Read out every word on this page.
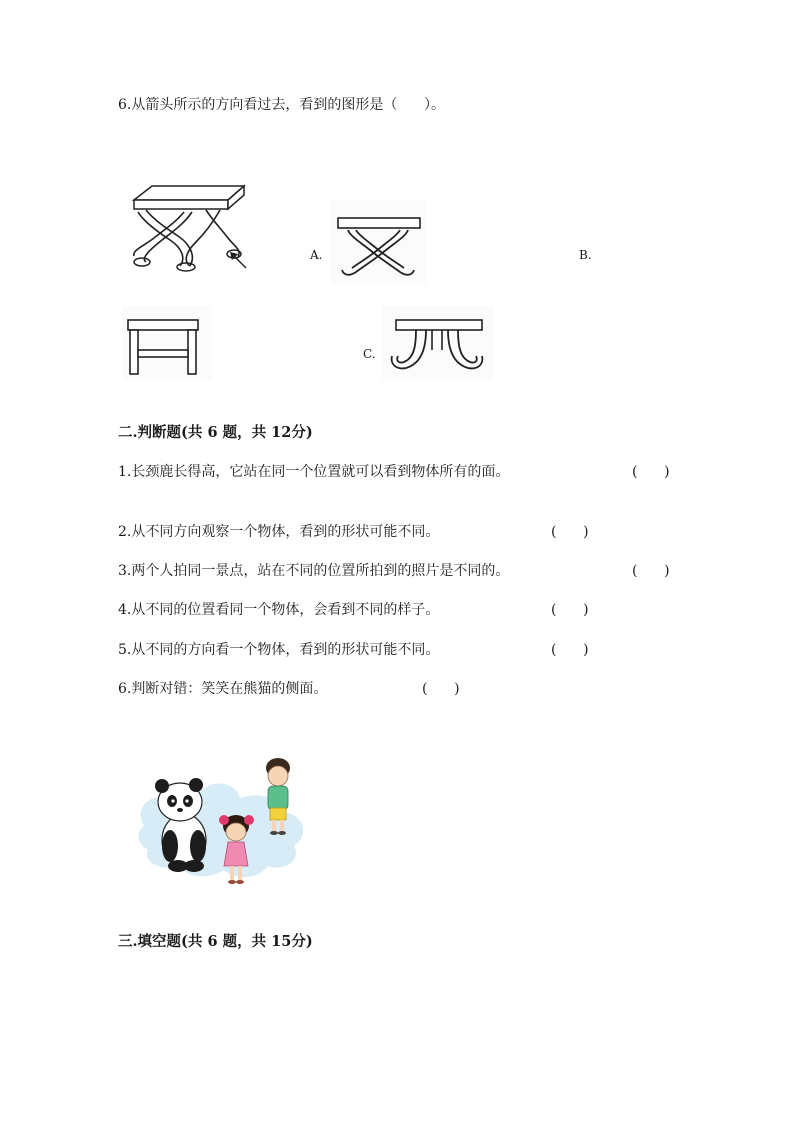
6.从箭头所示的方向看过去，看到的图形是（      ）。
A.	B.
C.
二.判断题(共 6 题，共 12分)
1.长颈鹿长得高，它站在同一个位置就可以看到物体所有的面。	(      )
2.从不同方向观察一个物体，看到的形状可能不同。	(      )
3.两个人拍同一景点，站在不同的位置所拍到的照片是不同的。	(      )
4.从不同的位置看同一个物体，会看到不同的样子。	(      )
5.从不同的方向看一个物体，看到的形状可能不同。	(      )
6.判断对错：笑笑在熊猫的侧面。	(      )
三.填空题(共 6 题，共 15分)
